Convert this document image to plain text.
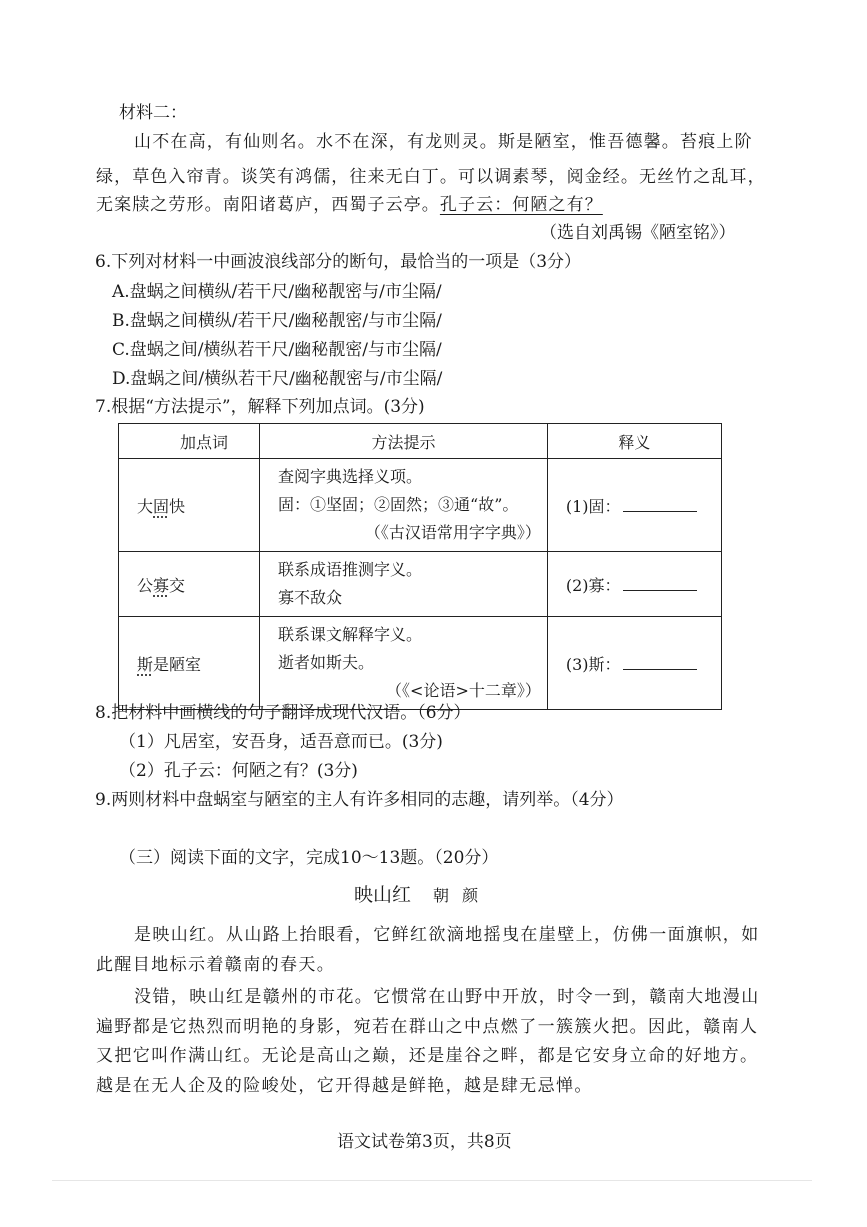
材料二：
山不在高，有仙则名。水不在深，有龙则灵。斯是陋室，惟吾德馨。苔痕上阶
绿，草色入帘青。谈笑有鸿儒，往来无白丁。可以调素琴，阅金经。无丝竹之乱耳，
无案牍之劳形。南阳诸葛庐，西蜀子云亭。孔子云：何陋之有？
（选自刘禹锡《陋室铭》）
6.下列对材料一中画波浪线部分的断句，最恰当的一项是（3分）
A.盘蜗之间横纵/若干尺/幽秘靓密与/市尘隔/
B.盘蜗之间横纵/若干尺/幽秘靓密/与市尘隔/
C.盘蜗之间/横纵若干尺/幽秘靓密/与市尘隔/
D.盘蜗之间/横纵若干尺/幽秘靓密与/市尘隔/
7.根据“方法提示”，解释下列加点词。(3分)
加点词	方法提示	释义
大固快	查阅字典选择义项。
固：①坚固；②固然；③通“故”。
（《古汉语常用字字典》）	(1)固：
公寡交	联系成语推测字义。
寡不敌众	(2)寡：
斯是陋室	联系课文解释字义。
逝者如斯夫。
（《<论语>十二章》）	(3)斯：
8.把材料中画横线的句子翻译成现代汉语。（6分）
（1）凡居室，安吾身，适吾意而已。(3分)
（2）孔子云：何陋之有？(3分)
9.两则材料中盘蜗室与陋室的主人有许多相同的志趣，请列举。（4分）
（三）阅读下面的文字，完成10～13题。（20分）
映山红 朝 颜
是映山红。从山路上抬眼看，它鲜红欲滴地摇曳在崖壁上，仿佛一面旗帜，如
此醒目地标示着赣南的春天。
没错，映山红是赣州的市花。它惯常在山野中开放，时令一到，赣南大地漫山
遍野都是它热烈而明艳的身影，宛若在群山之中点燃了一簇簇火把。因此，赣南人
又把它叫作满山红。无论是高山之巅，还是崖谷之畔，都是它安身立命的好地方。
越是在无人企及的险峻处，它开得越是鲜艳，越是肆无忌惮。
语文试卷第3页，共8页
